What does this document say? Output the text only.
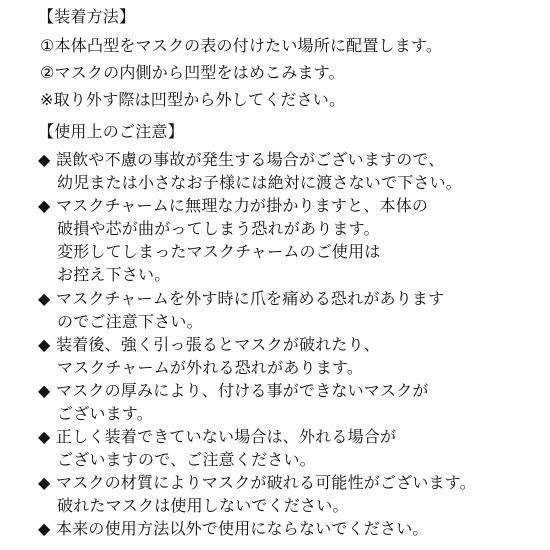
【装着方法】
①本体凸型をマスクの表の付けたい場所に配置します。
②マスクの内側から凹型をはめこみます。
※取り外す際は凹型から外してください。
【使用上のご注意】
◆ 誤飲や不慮の事故が発生する場合がございますので、
幼児または小さなお子様には絶対に渡さないで下さい。
◆ マスクチャームに無理な力が掛かりますと、本体の
破損や芯が曲がってしまう恐れがあります。
変形してしまったマスクチャームのご使用は
お控え下さい。
◆ マスクチャームを外す時に爪を痛める恐れがあります
のでご注意下さい。
◆ 装着後、強く引っ張るとマスクが破れたり、
マスクチャームが外れる恐れがあります。
◆ マスクの厚みにより、付ける事ができないマスクが
ございます。
◆ 正しく装着できていない場合は、外れる場合が
ございますので、ご注意ください。
◆ マスクの材質によりマスクが破れる可能性がございます。
破れたマスクは使用しないでください。
◆ 本来の使用方法以外で使用にならないでください。
